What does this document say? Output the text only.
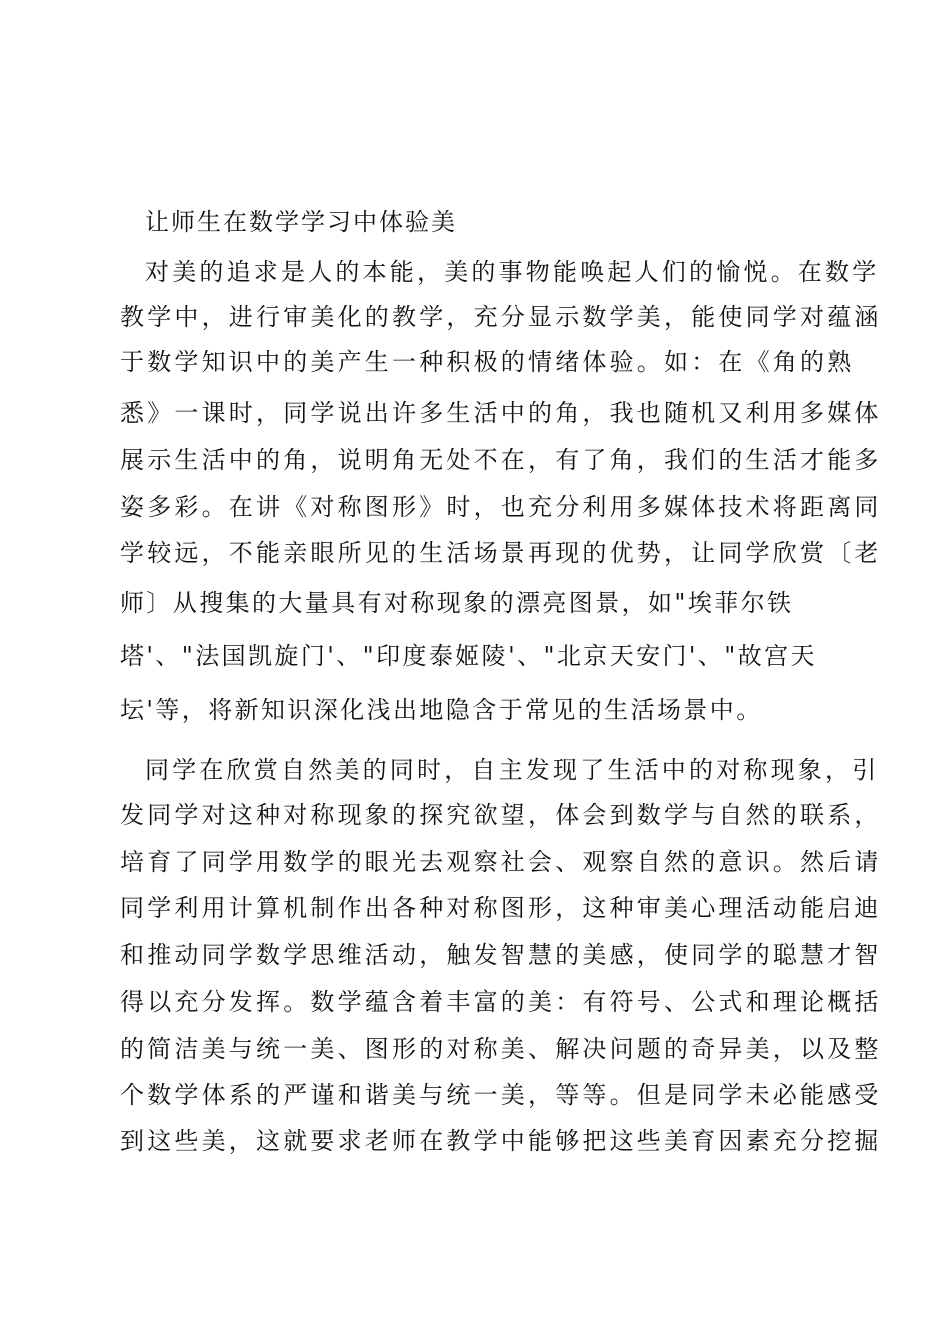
让师生在数学学习中体验美
对美的追求是人的本能，美的事物能唤起人们的愉悦。在数学
教学中，进行审美化的教学，充分显示数学美，能使同学对蕴涵
于数学知识中的美产生一种积极的情绪体验。如：在《角的熟
悉》一课时，同学说出许多生活中的角，我也随机又利用多媒体
展示生活中的角，说明角无处不在，有了角，我们的生活才能多
姿多彩。在讲《对称图形》时，也充分利用多媒体技术将距离同
学较远，不能亲眼所见的生活场景再现的优势，让同学欣赏〔老
师〕从搜集的大量具有对称现象的漂亮图景，如"埃菲尔铁
塔'、"法国凯旋门'、"印度泰姬陵'、"北京天安门'、"故宫天
坛'等，将新知识深化浅出地隐含于常见的生活场景中。
同学在欣赏自然美的同时，自主发现了生活中的对称现象，引
发同学对这种对称现象的探究欲望，体会到数学与自然的联系，
培育了同学用数学的眼光去观察社会、观察自然的意识。然后请
同学利用计算机制作出各种对称图形，这种审美心理活动能启迪
和推动同学数学思维活动，触发智慧的美感，使同学的聪慧才智
得以充分发挥。数学蕴含着丰富的美：有符号、公式和理论概括
的简洁美与统一美、图形的对称美、解决问题的奇异美，以及整
个数学体系的严谨和谐美与统一美，等等。但是同学未必能感受
到这些美，这就要求老师在教学中能够把这些美育因素充分挖掘
